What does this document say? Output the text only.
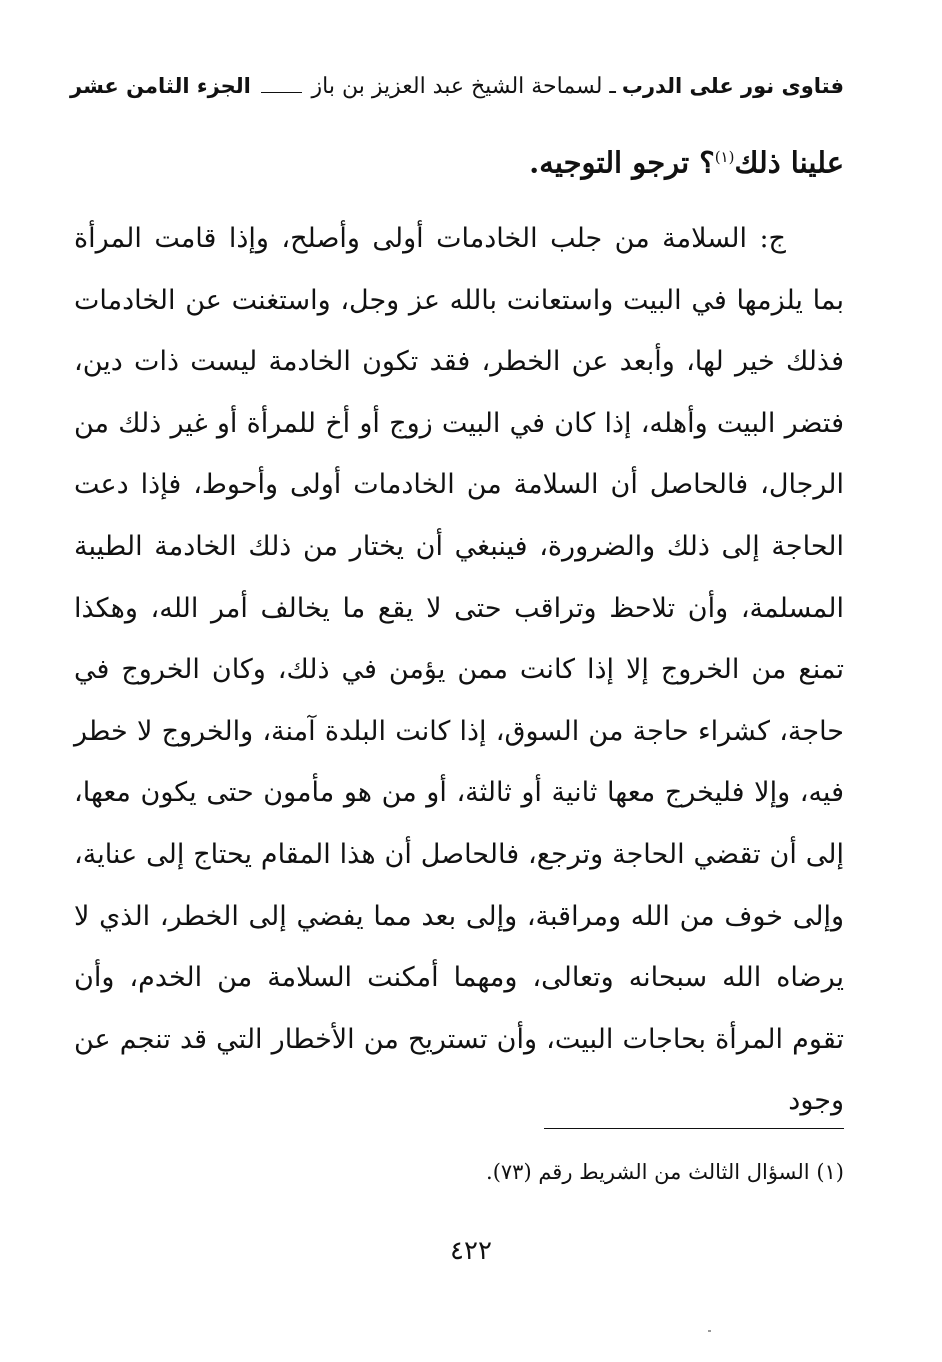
فتاوى نور على الدرب
ـ لسماحة الشيخ عبد العزيز بن باز
الجزء الثامن عشر
علينا ذلك$^{(١)}$؟ ترجو التوجيه.

ج: السلامة من جلب الخادمات أولى وأصلح، وإذا قامت المرأة بما يلزمها في البيت واستعانت بالله عز وجل، واستغنت عن الخادمات فذلك خير لها، وأبعد عن الخطر، فقد تكون الخادمة ليست ذات دين، فتضر البيت وأهله، إذا كان في البيت زوج أو أخ للمرأة أو غير ذلك من الرجال، فالحاصل أن السلامة من الخادمات أولى وأحوط، فإذا دعت الحاجة إلى ذلك والضرورة، فينبغي أن يختار من ذلك الخادمة الطيبة المسلمة، وأن تلاحظ وتراقب حتى لا يقع ما يخالف أمر الله، وهكذا تمنع من الخروج إلا إذا كانت ممن يؤمن في ذلك، وكان الخروج في حاجة، كشراء حاجة من السوق، إذا كانت البلدة آمنة، والخروج لا خطر فيه، وإلا فليخرج معها ثانية أو ثالثة، أو من هو مأمون حتى يكون معها، إلى أن تقضي الحاجة وترجع، فالحاصل أن هذا المقام يحتاج إلى عناية، وإلى خوف من الله ومراقبة، وإلى بعد مما يفضي إلى الخطر، الذي لا يرضاه الله سبحانه وتعالى، ومهما أمكنت السلامة من الخدم، وأن تقوم المرأة بحاجات البيت، وأن تستريح من الأخطار التي قد تنجم عن وجود

(١) السؤال الثالث من الشريط رقم (٧٣).
٤٢٢
